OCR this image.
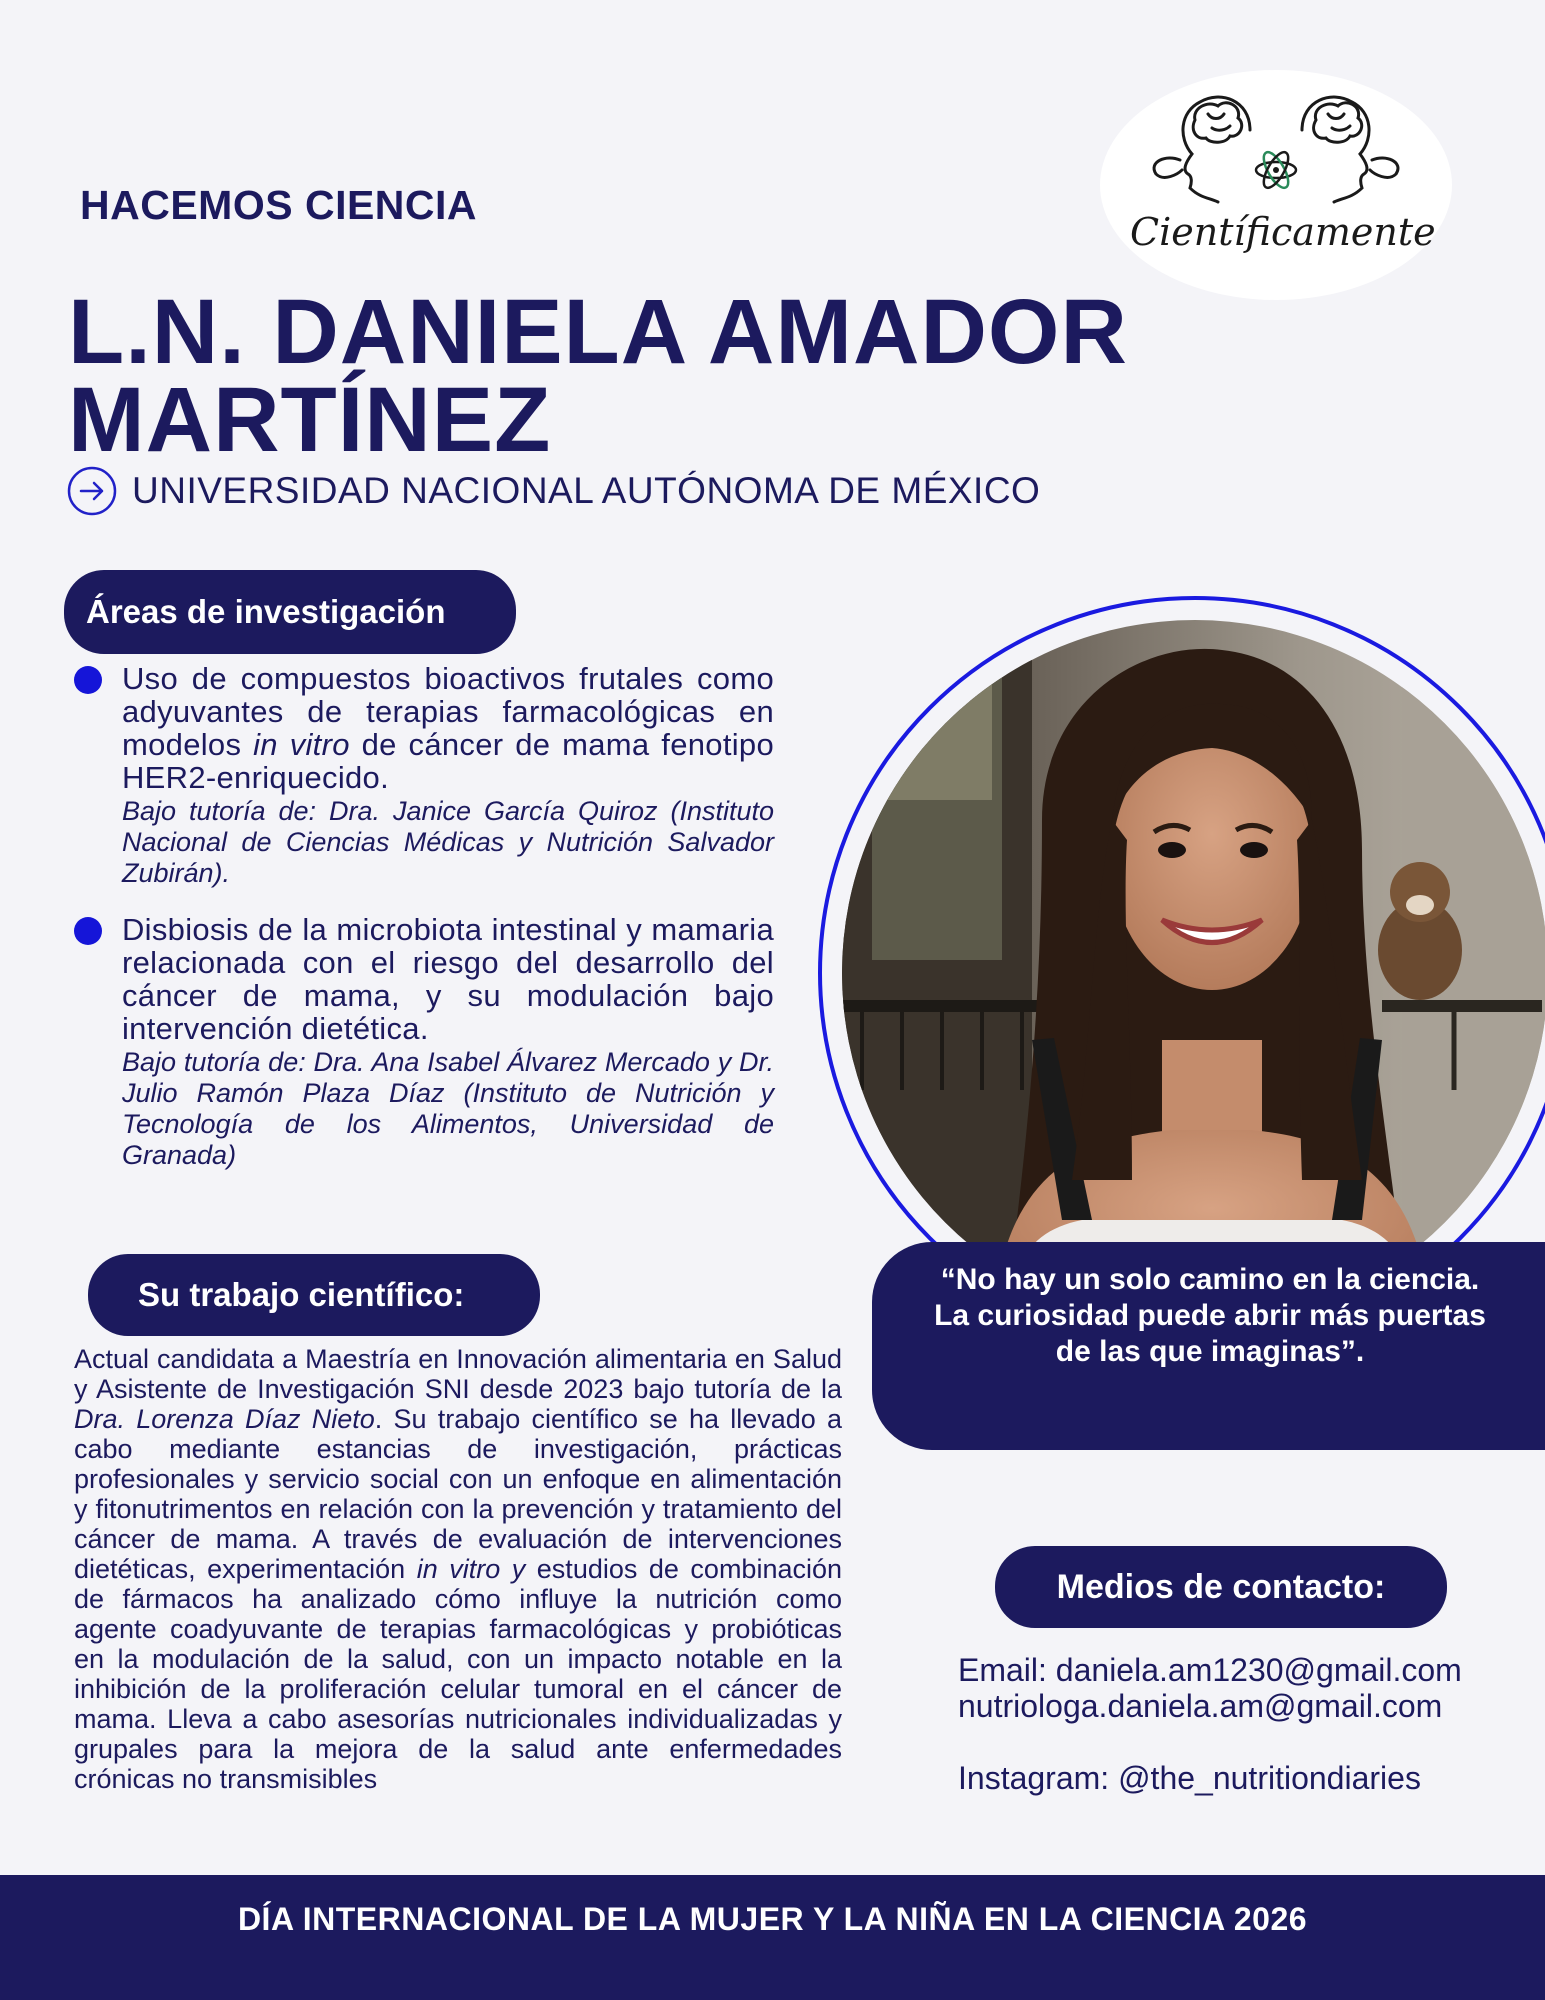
HACEMOS CIENCIA
Científicamente
L.N. DANIELA AMADOR
MARTÍNEZ
UNIVERSIDAD NACIONAL AUTÓNOMA DE MÉXICO
Áreas de investigación
Uso de compuestos bioactivos frutales como adyuvantes de terapias farmacológicas en modelos in vitro de cáncer de mama fenotipo HER2-enriquecido.
Bajo tutoría de: Dra. Janice García Quiroz (Instituto Nacional de Ciencias Médicas y Nutrición Salvador Zubirán).
Disbiosis de la microbiota intestinal y mamaria relacionada con el riesgo del desarrollo del cáncer de mama, y su modulación bajo intervención dietética.
Bajo tutoría de: Dra. Ana Isabel Álvarez Mercado y Dr. Julio Ramón Plaza Díaz (Instituto de Nutrición y Tecnología de los Alimentos, Universidad de Granada)
Su trabajo científico:
Actual candidata a Maestría en Innovación alimentaria en Salud y Asistente de Investigación SNI desde 2023 bajo tutoría de la Dra. Lorenza Díaz Nieto. Su trabajo científico se ha llevado a cabo mediante estancias de investigación, prácticas profesionales y servicio social con un enfoque en alimentación y fitonutrimentos en relación con la prevención y tratamiento del cáncer de mama. A través de evaluación de intervenciones dietéticas, experimentación in vitro y estudios de combinación de fármacos ha analizado cómo influye la nutrición como agente coadyuvante de terapias farmacológicas y probióticas en la modulación de la salud, con un impacto notable en la inhibición de la proliferación celular tumoral en el cáncer de mama. Lleva a cabo asesorías nutricionales individualizadas y grupales para la mejora de la salud ante enfermedades crónicas no transmisibles
“No hay un solo camino en la ciencia.
La curiosidad puede abrir más puertas de las que imaginas”.
Medios de contacto:
Email: daniela.am1230@gmail.com
nutriologa.daniela.am@gmail.com
Instagram: @the_nutritiondiaries
DÍA INTERNACIONAL DE LA MUJER Y LA NIÑA EN LA CIENCIA 2026
